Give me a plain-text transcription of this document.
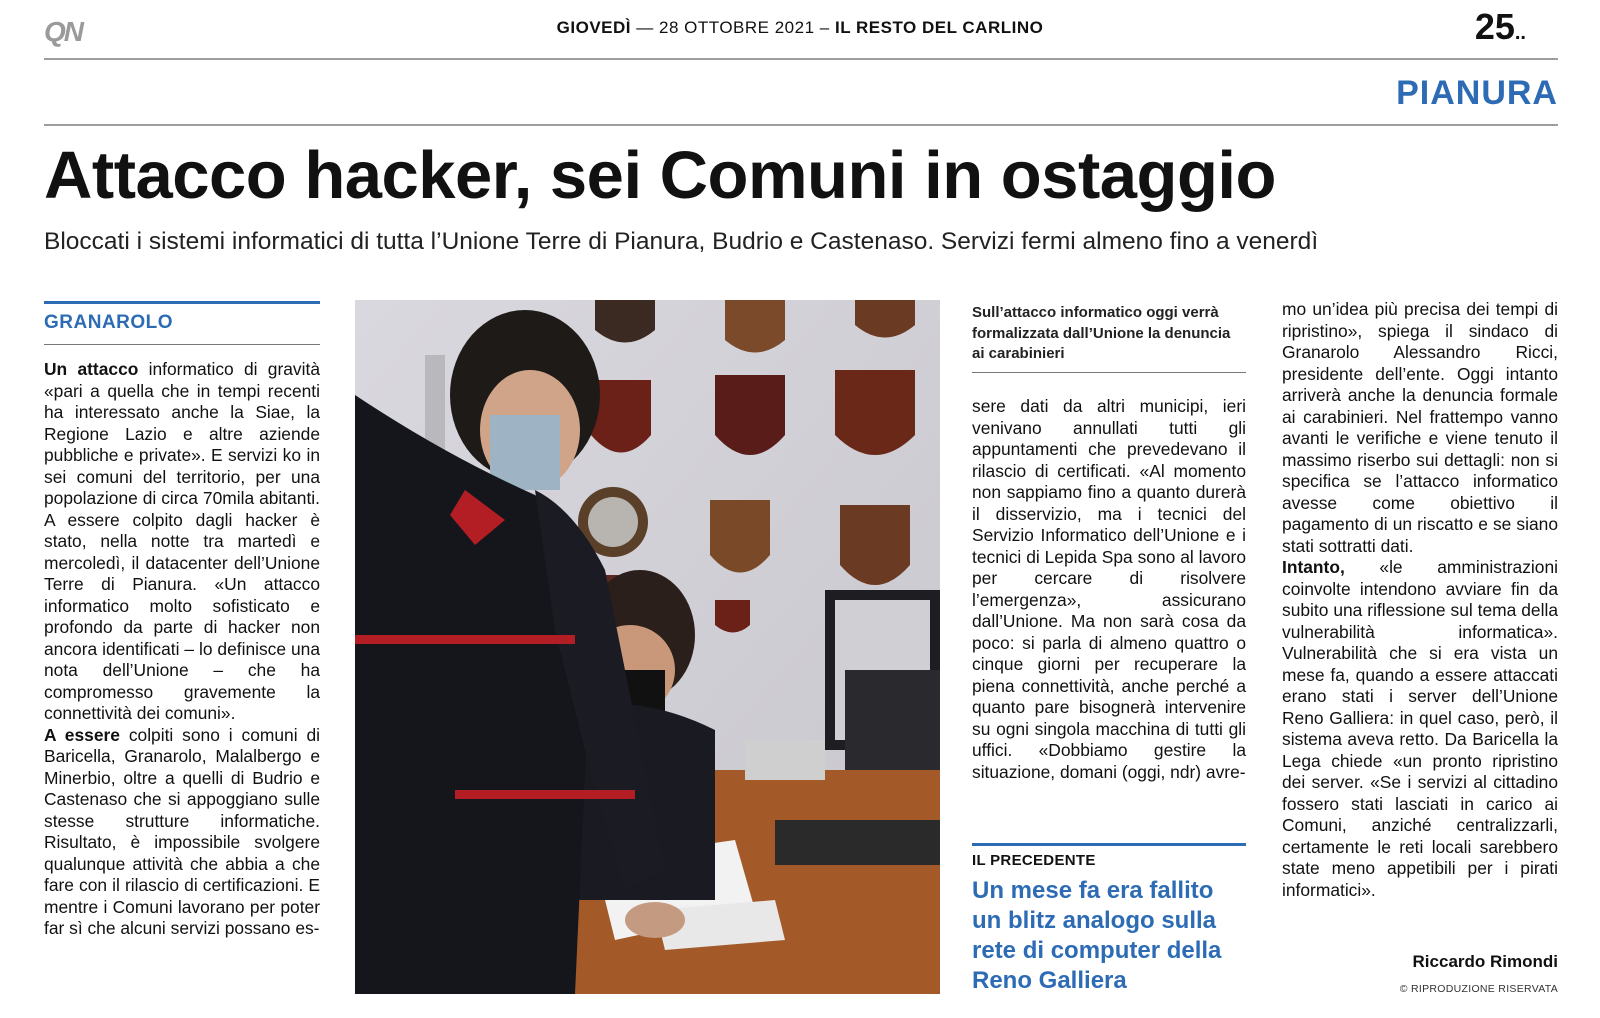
QN	GIOVEDÌ — 28 OTTOBRE 2021 – IL RESTO DEL CARLINO	25..
PIANURA
Attacco hacker, sei Comuni in ostaggio
Bloccati i sistemi informatici di tutta l’Unione Terre di Pianura, Budrio e Castenaso. Servizi fermi almeno fino a venerdì
GRANAROLO

Un attacco informatico di gravità «pari a quella che in tempi recenti ha interessato anche la Siae, la Regione Lazio e altre aziende pubbliche e private». E servizi ko in sei comuni del territorio, per una popolazione di circa 70mila abitanti. A essere colpito dagli hacker è stato, nella notte tra martedì e mercoledì, il datacenter dell’Unione Terre di Pianura. «Un attacco informatico molto sofisticato e profondo da parte di hacker non ancora identificati – lo definisce una nota dell’Unione – che ha compromesso gravemente la connettività dei comuni».

A essere colpiti sono i comuni di Baricella, Granarolo, Malalbergo e Minerbio, oltre a quelli di Budrio e Castenaso che si appoggiano sulle stesse strutture informatiche. Risultato, è impossibile svolgere qualunque attività che abbia a che fare con il rilascio di certificazioni. E mentre i Comuni lavorano per poter far sì che alcuni servizi possano es-

Sull’attacco informatico oggi verrà formalizzata dall’Unione la denuncia ai carabinieri

sere dati da altri municipi, ieri venivano annullati tutti gli appuntamenti che prevedevano il rilascio di certificati. «Al momento non sappiamo fino a quanto durerà il disservizio, ma i tecnici del Servizio Informatico dell’Unione e i tecnici di Lepida Spa sono al lavoro per cercare di risolvere l’emergenza», assicurano dall’Unione. Ma non sarà cosa da poco: si parla di almeno quattro o cinque giorni per recuperare la piena connettività, anche perché a quanto pare bisognerà intervenire su ogni singola macchina di tutti gli uffici. «Dobbiamo gestire la situazione, domani (oggi, ndr) avre-

IL PRECEDENTE
Un mese fa era fallito un blitz analogo sulla rete di computer della Reno Galliera

mo un’idea più precisa dei tempi di ripristino», spiega il sindaco di Granarolo Alessandro Ricci, presidente dell’ente. Oggi intanto arriverà anche la denuncia formale ai carabinieri. Nel frattempo vanno avanti le verifiche e viene tenuto il massimo riserbo sui dettagli: non si specifica se l’attacco informatico avesse come obiettivo il pagamento di un riscatto e se siano stati sottratti dati.

Intanto, «le amministrazioni coinvolte intendono avviare fin da subito una riflessione sul tema della vulnerabilità informatica». Vulnerabilità che si era vista un mese fa, quando a essere attaccati erano stati i server dell’Unione Reno Galliera: in quel caso, però, il sistema aveva retto. Da Baricella la Lega chiede «un pronto ripristino dei server. «Se i servizi al cittadino fossero stati lasciati in carico ai Comuni, anziché centralizzarli, certamente le reti locali sarebbero state meno appetibili per i pirati informatici».

Riccardo Rimondi
© RIPRODUZIONE RISERVATA
